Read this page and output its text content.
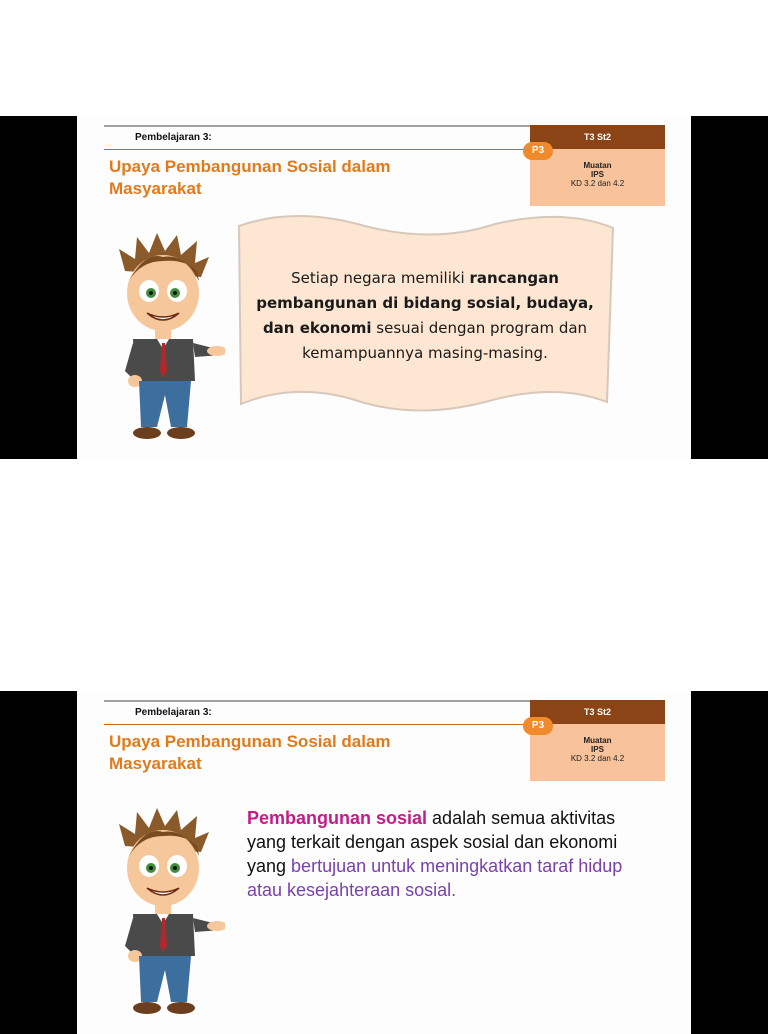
Pembelajaran 3:
Upaya Pembangunan Sosial dalam Masyarakat
T3 St2
Muatan
IPS
KD 3.2 dan 4.2
P3
Setiap negara memiliki rancangan pembangunan di bidang sosial, budaya, dan ekonomi sesuai dengan program dan kemampuannya masing-masing.
Pembelajaran 3:
Upaya Pembangunan Sosial dalam Masyarakat
T3 St2
Muatan
IPS
KD 3.2 dan 4.2
P3
Pembangunan sosial adalah semua aktivitas yang terkait dengan aspek sosial dan ekonomi yang bertujuan untuk meningkatkan taraf hidup atau kesejahteraan sosial.
